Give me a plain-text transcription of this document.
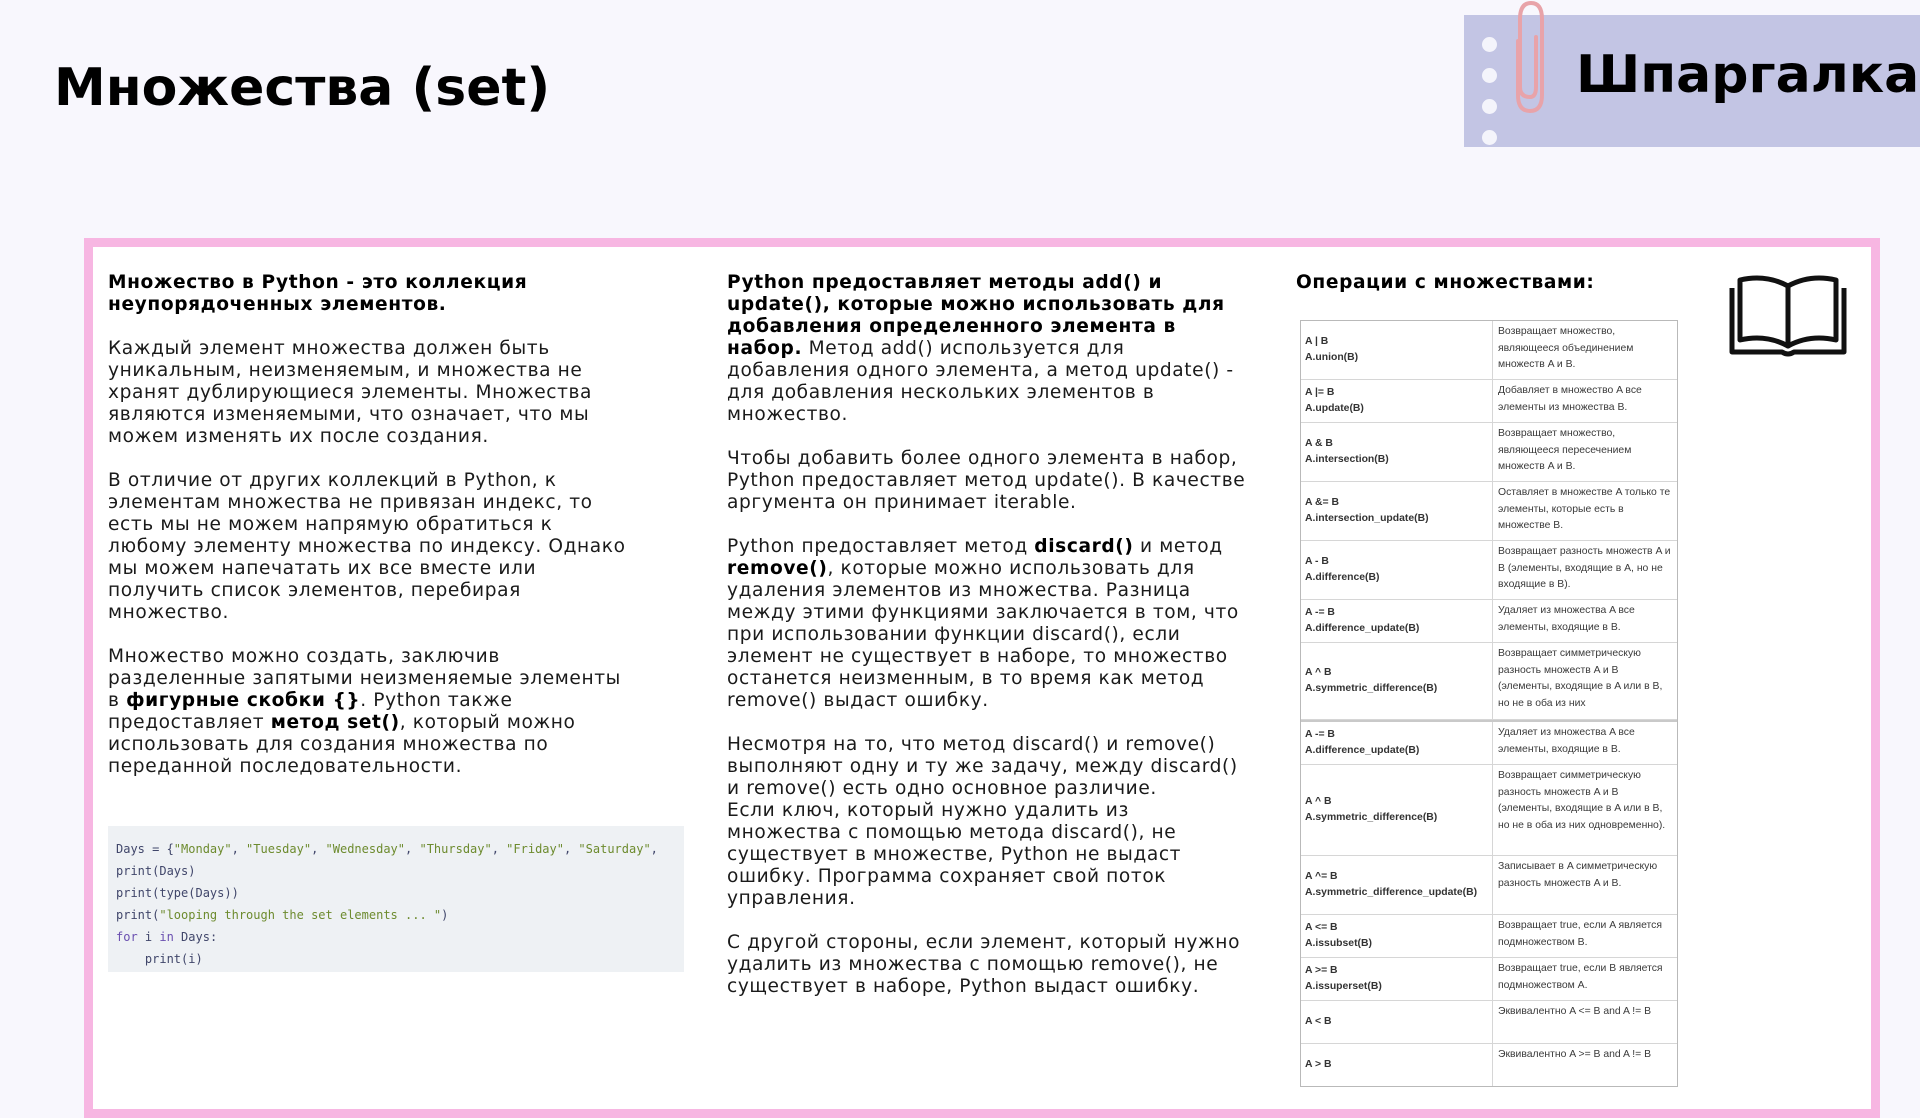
Множества (set)	Шпаргалка

Множество в Python - это коллекция неупорядоченных элементов.

Каждый элемент множества должен быть уникальным, неизменяемым, и множества не хранят дублирующиеся элементы. Множества являются изменяемыми, что означает, что мы можем изменять их после создания.

В отличие от других коллекций в Python, к элементам множества не привязан индекс, то есть мы не можем напрямую обратиться к любому элементу множества по индексу. Однако мы можем напечатать их все вместе или получить список элементов, перебирая множество.

Множество можно создать, заключив разделенные запятыми неизменяемые элементы в фигурные скобки {}. Python также предоставляет метод set(), который можно использовать для создания множества по переданной последовательности.

Days = {"Monday", "Tuesday", "Wednesday", "Thursday", "Friday", "Saturday",
print(Days)
print(type(Days))
print("looping through the set elements ... ")
for i in Days:
print(i)

Python предоставляет методы add() и update(), которые можно использовать для добавления определенного элемента в набор. Метод add() используется для добавления одного элемента, а метод update() - для добавления нескольких элементов в множество.

Чтобы добавить более одного элемента в набор, Python предоставляет метод update(). В качестве аргумента он принимает iterable.

Python предоставляет метод discard() и метод remove(), которые можно использовать для удаления элементов из множества. Разница между этими функциями заключается в том, что при использовании функции discard(), если элемент не существует в наборе, то множество останется неизменным, в то время как метод remove() выдаст ошибку.

Несмотря на то, что метод discard() и remove() выполняют одну и ту же задачу, между discard() и remove() есть одно основное различие.

Если ключ, который нужно удалить из множества с помощью метода discard(), не существует в множестве, Python не выдаст ошибку. Программа сохраняет свой поток управления.

С другой стороны, если элемент, который нужно удалить из множества с помощью remove(), не существует в наборе, Python выдаст ошибку.

Операции с множествами:
A | B
A.union(B)
Возвращает множество, являющееся объединением множеств A и B.
A |= B
A.update(B)
Добавляет в множество A все элементы из множества B.
A & B
A.intersection(B)
Возвращает множество, являющееся пересечением множеств A и B.
A &= B
A.intersection_update(B)
Оставляет в множестве A только те элементы, которые есть в множестве B.
A - B
A.difference(B)
Возвращает разность множеств A и B (элементы, входящие в A, но не входящие в B).
A -= B
A.difference_update(B)
Удаляет из множества A все элементы, входящие в B.
A ^ B
A.symmetric_difference(B)
Возвращает симметрическую разность множеств A и B (элементы, входящие в A или в B, но не в оба из них
A -= B
A.difference_update(B)
Удаляет из множества A все элементы, входящие в B.
A ^ B
A.symmetric_difference(B)
Возвращает симметрическую разность множеств A и B (элементы, входящие в A или в B, но не в оба из них одновременно).
A ^= B
A.symmetric_difference_update(B)
Записывает в A симметрическую разность множеств A и B.
A <= B
A.issubset(B)
Возвращает true, если A является подмножеством B.
A >= B
A.issuperset(B)
Возвращает true, если B является подмножеством A.
A < B
Эквивалентно A <= B and A != B
A > B
Эквивалентно A >= B and A != B
